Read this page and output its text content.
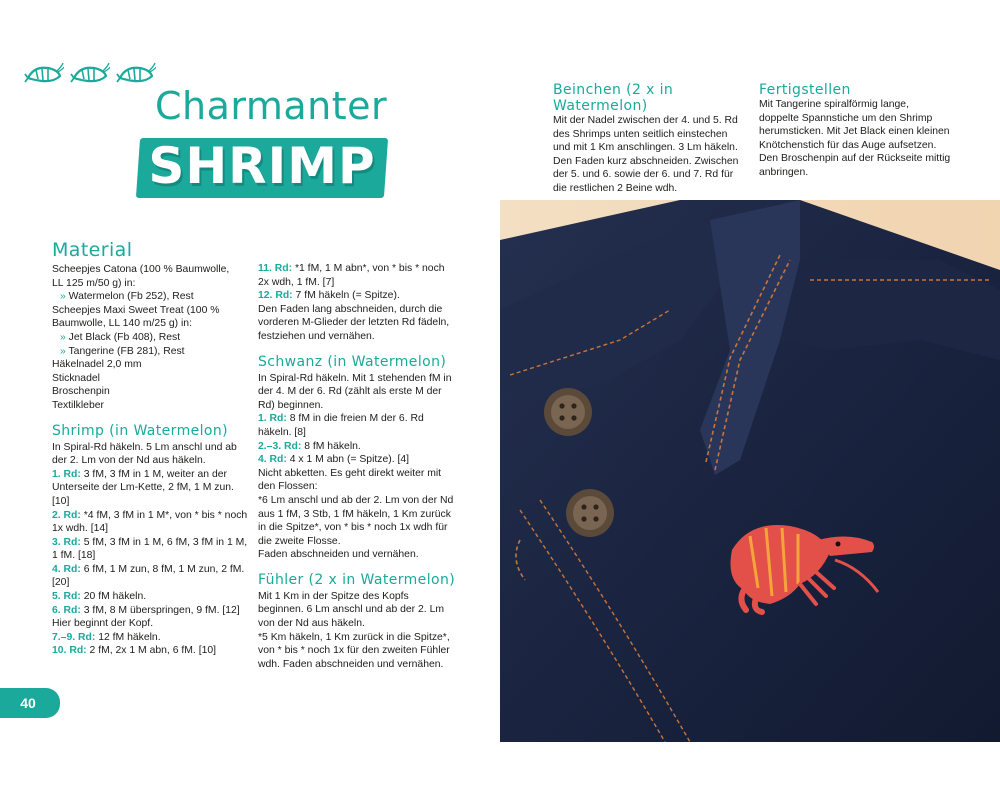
Charmanter
SHRIMP
Material

Scheepjes Catona (100 % Baumwolle,

LL 125 m/50 g) in:

» Watermelon (Fb 252), Rest

Scheepjes Maxi Sweet Treat (100 %

Baumwolle, LL 140 m/25 g) in:

» Jet Black (Fb 408), Rest

» Tangerine (FB 281), Rest

Häkelnadel 2,0 mm

Sticknadel

Broschenpin

Textilkleber

Shrimp (in Watermelon)

In Spiral-Rd häkeln. 5 Lm anschl und ab der 2. Lm von der Nd aus häkeln.

1. Rd: 3 fM, 3 fM in 1 M, weiter an der Unterseite der Lm-Kette, 2 fM, 1 M zun. [10]

2. Rd: *4 fM, 3 fM in 1 M*, von * bis * noch 1x wdh. [14]

3. Rd: 5 fM, 3 fM in 1 M, 6 fM, 3 fM in 1 M, 1 fM. [18]

4. Rd: 6 fM, 1 M zun, 8 fM, 1 M zun, 2 fM. [20]

5. Rd: 20 fM häkeln.

6. Rd: 3 fM, 8 M überspringen, 9 fM. [12]

Hier beginnt der Kopf.

7.–9. Rd: 12 fM häkeln.

10. Rd: 2 fM, 2x 1 M abn, 6 fM. [10]

11. Rd: *1 fM, 1 M abn*, von * bis * noch 2x wdh, 1 fM. [7]

12. Rd: 7 fM häkeln (= Spitze).

Den Faden lang abschneiden, durch die vorderen M-Glieder der letzten Rd fädeln, festziehen und vernähen.

Schwanz (in Watermelon)

In Spiral-Rd häkeln. Mit 1 stehenden fM in der 4. M der 6. Rd (zählt als erste M der Rd) beginnen.

1. Rd: 8 fM in die freien M der 6. Rd häkeln. [8]

2.–3. Rd: 8 fM häkeln.

4. Rd: 4 x 1 M abn (= Spitze). [4]

Nicht abketten. Es geht direkt weiter mit den Flossen:

*6 Lm anschl und ab der 2. Lm von der Nd aus 1 fM, 3 Stb, 1 fM häkeln, 1 Km zurück in die Spitze*, von * bis * noch 1x wdh für die zweite Flosse.

Faden abschneiden und vernähen.

Fühler (2 x in Watermelon)

Mit 1 Km in der Spitze des Kopfs beginnen. 6 Lm anschl und ab der 2. Lm von der Nd aus häkeln.

*5 Km häkeln, 1 Km zurück in die Spitze*, von * bis * noch 1x für den zweiten Fühler wdh. Faden abschneiden und vernähen.

Beinchen (2 x in Watermelon)

Mit der Nadel zwischen der 4. und 5. Rd des Shrimps unten seitlich einstechen und mit 1 Km anschlingen. 3 Lm häkeln. Den Faden kurz abschneiden. Zwischen der 5. und 6. sowie der 6. und 7. Rd für die restlichen 2 Beine wdh.

Fertigstellen

Mit Tangerine spiralförmig lange, doppelte Spannstiche um den Shrimp herumsticken. Mit Jet Black einen kleinen Knötchenstich für das Auge aufsetzen. Den Broschenpin auf der Rückseite mittig anbringen.

40
